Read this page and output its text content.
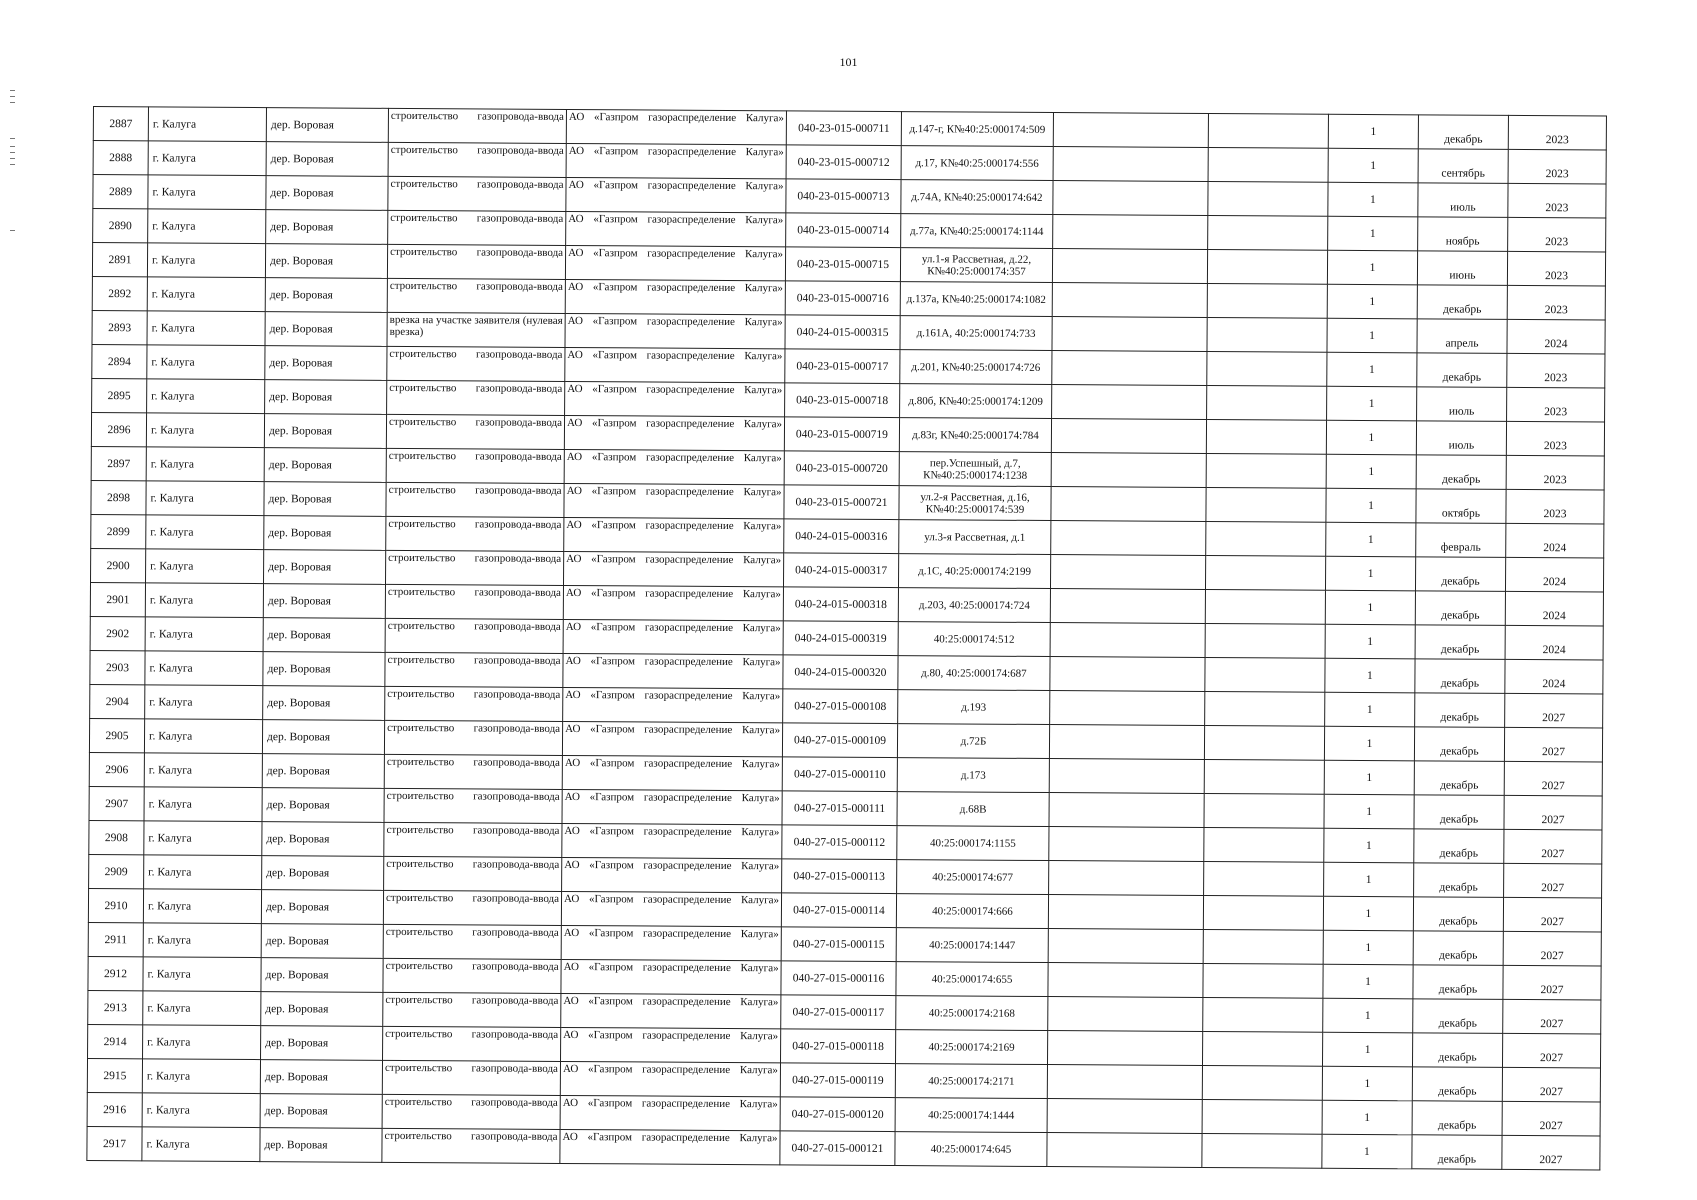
101
2887	г. Калуга	дер. Воровая	строительство газопровода-ввода	АО «Газпром газораспределение Калуга»	040-23-015-000711	д.147-г, К№40:25:000174:509			1	декабрь	2023
2888	г. Калуга	дер. Воровая	строительство газопровода-ввода	АО «Газпром газораспределение Калуга»	040-23-015-000712	д.17, К№40:25:000174:556			1	сентябрь	2023
2889	г. Калуга	дер. Воровая	строительство газопровода-ввода	АО «Газпром газораспределение Калуга»	040-23-015-000713	д.74А, К№40:25:000174:642			1	июль	2023
2890	г. Калуга	дер. Воровая	строительство газопровода-ввода	АО «Газпром газораспределение Калуга»	040-23-015-000714	д.77а, К№40:25:000174:1144			1	ноябрь	2023
2891	г. Калуга	дер. Воровая	строительство газопровода-ввода	АО «Газпром газораспределение Калуга»	040-23-015-000715	ул.1-я Рассветная, д.22, К№40:25:000174:357			1	июнь	2023
2892	г. Калуга	дер. Воровая	строительство газопровода-ввода	АО «Газпром газораспределение Калуга»	040-23-015-000716	д.137а, К№40:25:000174:1082			1	декабрь	2023
2893	г. Калуга	дер. Воровая	врезка на участке заявителя (нулевая врезка)	АО «Газпром газораспределение Калуга»	040-24-015-000315	д.161А, 40:25:000174:733			1	апрель	2024
2894	г. Калуга	дер. Воровая	строительство газопровода-ввода	АО «Газпром газораспределение Калуга»	040-23-015-000717	д.201, К№40:25:000174:726			1	декабрь	2023
2895	г. Калуга	дер. Воровая	строительство газопровода-ввода	АО «Газпром газораспределение Калуга»	040-23-015-000718	д.80б, К№40:25:000174:1209			1	июль	2023
2896	г. Калуга	дер. Воровая	строительство газопровода-ввода	АО «Газпром газораспределение Калуга»	040-23-015-000719	д.83г, К№40:25:000174:784			1	июль	2023
2897	г. Калуга	дер. Воровая	строительство газопровода-ввода	АО «Газпром газораспределение Калуга»	040-23-015-000720	пер.Успешный, д.7, К№40:25:000174:1238			1	декабрь	2023
2898	г. Калуга	дер. Воровая	строительство газопровода-ввода	АО «Газпром газораспределение Калуга»	040-23-015-000721	ул.2-я Рассветная, д.16, К№40:25:000174:539			1	октябрь	2023
2899	г. Калуга	дер. Воровая	строительство газопровода-ввода	АО «Газпром газораспределение Калуга»	040-24-015-000316	ул.3-я Рассветная, д.1			1	февраль	2024
2900	г. Калуга	дер. Воровая	строительство газопровода-ввода	АО «Газпром газораспределение Калуга»	040-24-015-000317	д.1С, 40:25:000174:2199			1	декабрь	2024
2901	г. Калуга	дер. Воровая	строительство газопровода-ввода	АО «Газпром газораспределение Калуга»	040-24-015-000318	д.203, 40:25:000174:724			1	декабрь	2024
2902	г. Калуга	дер. Воровая	строительство газопровода-ввода	АО «Газпром газораспределение Калуга»	040-24-015-000319	40:25:000174:512			1	декабрь	2024
2903	г. Калуга	дер. Воровая	строительство газопровода-ввода	АО «Газпром газораспределение Калуга»	040-24-015-000320	д.80, 40:25:000174:687			1	декабрь	2024
2904	г. Калуга	дер. Воровая	строительство газопровода-ввода	АО «Газпром газораспределение Калуга»	040-27-015-000108	д.193			1	декабрь	2027
2905	г. Калуга	дер. Воровая	строительство газопровода-ввода	АО «Газпром газораспределение Калуга»	040-27-015-000109	д.72Б			1	декабрь	2027
2906	г. Калуга	дер. Воровая	строительство газопровода-ввода	АО «Газпром газораспределение Калуга»	040-27-015-000110	д.173			1	декабрь	2027
2907	г. Калуга	дер. Воровая	строительство газопровода-ввода	АО «Газпром газораспределение Калуга»	040-27-015-000111	д.68В			1	декабрь	2027
2908	г. Калуга	дер. Воровая	строительство газопровода-ввода	АО «Газпром газораспределение Калуга»	040-27-015-000112	40:25:000174:1155			1	декабрь	2027
2909	г. Калуга	дер. Воровая	строительство газопровода-ввода	АО «Газпром газораспределение Калуга»	040-27-015-000113	40:25:000174:677			1	декабрь	2027
2910	г. Калуга	дер. Воровая	строительство газопровода-ввода	АО «Газпром газораспределение Калуга»	040-27-015-000114	40:25:000174:666			1	декабрь	2027
2911	г. Калуга	дер. Воровая	строительство газопровода-ввода	АО «Газпром газораспределение Калуга»	040-27-015-000115	40:25:000174:1447			1	декабрь	2027
2912	г. Калуга	дер. Воровая	строительство газопровода-ввода	АО «Газпром газораспределение Калуга»	040-27-015-000116	40:25:000174:655			1	декабрь	2027
2913	г. Калуга	дер. Воровая	строительство газопровода-ввода	АО «Газпром газораспределение Калуга»	040-27-015-000117	40:25:000174:2168			1	декабрь	2027
2914	г. Калуга	дер. Воровая	строительство газопровода-ввода	АО «Газпром газораспределение Калуга»	040-27-015-000118	40:25:000174:2169			1	декабрь	2027
2915	г. Калуга	дер. Воровая	строительство газопровода-ввода	АО «Газпром газораспределение Калуга»	040-27-015-000119	40:25:000174:2171			1	декабрь	2027
2916	г. Калуга	дер. Воровая	строительство газопровода-ввода	АО «Газпром газораспределение Калуга»	040-27-015-000120	40:25:000174:1444			1	декабрь	2027
2917	г. Калуга	дер. Воровая	строительство газопровода-ввода	АО «Газпром газораспределение Калуга»	040-27-015-000121	40:25:000174:645			1	декабрь	2027
